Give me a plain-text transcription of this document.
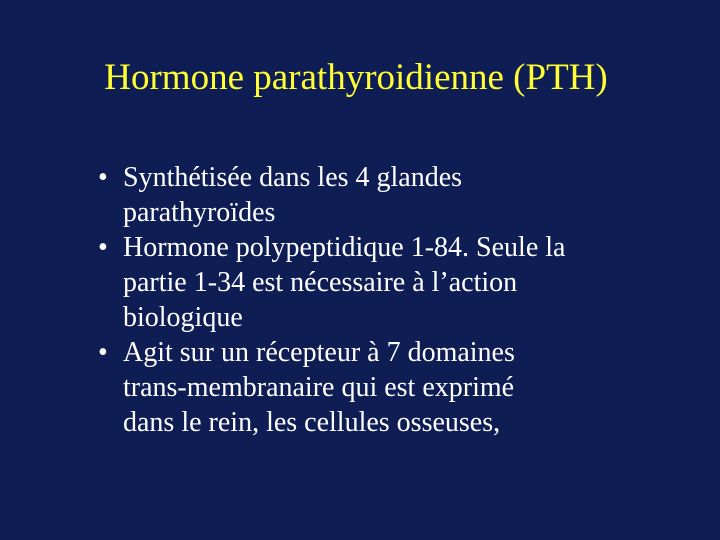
Hormone parathyroidienne (PTH)
• Synthétisée dans les 4 glandes
parathyroïdes
• Hormone polypeptidique 1-84. Seule la
partie 1-34 est nécessaire à l’action
biologique
• Agit sur un récepteur à 7 domaines
trans-membranaire qui est exprimé
dans le rein, les cellules osseuses,
